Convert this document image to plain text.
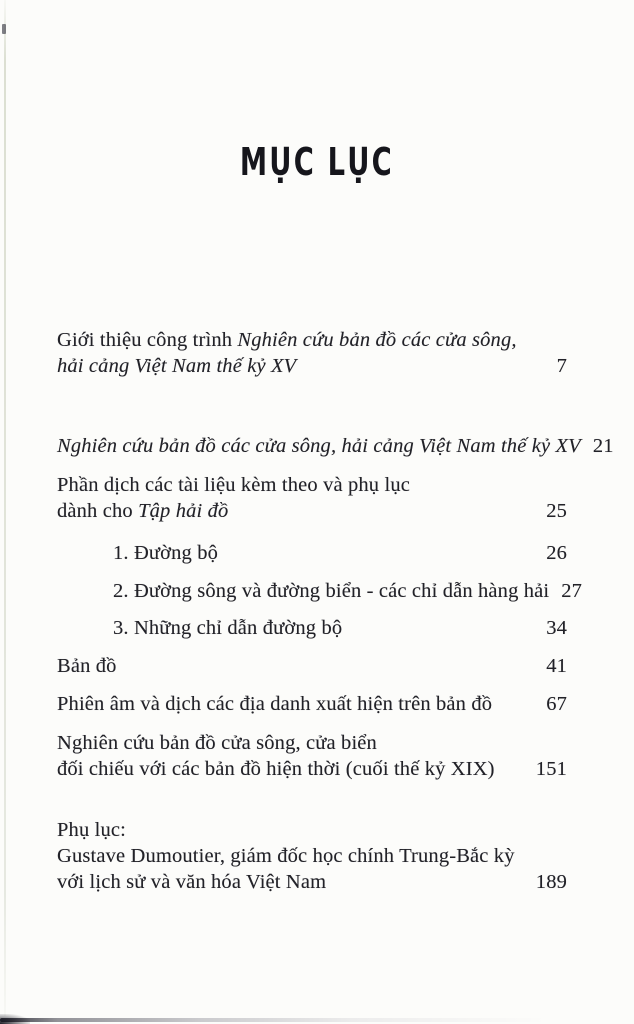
MỤC LỤC
Giới thiệu công trình Nghiên cứu bản đồ các cửa sông,
hải cảng Việt Nam thế kỷ XV	7
Nghiên cứu bản đồ các cửa sông, hải cảng Việt Nam thế kỷ XV 21
Phần dịch các tài liệu kèm theo và phụ lục
dành cho Tập hải đồ	25
1. Đường bộ	26
2. Đường sông và đường biển - các chỉ dẫn hàng hải 27
3. Những chỉ dẫn đường bộ	34
Bản đồ	41
Phiên âm và dịch các địa danh xuất hiện trên bản đồ	67
Nghiên cứu bản đồ cửa sông, cửa biển
đối chiếu với các bản đồ hiện thời (cuối thế kỷ XIX) 151
Phụ lục:
Gustave Dumoutier, giám đốc học chính Trung-Bắc kỳ
với lịch sử và văn hóa Việt Nam	189
